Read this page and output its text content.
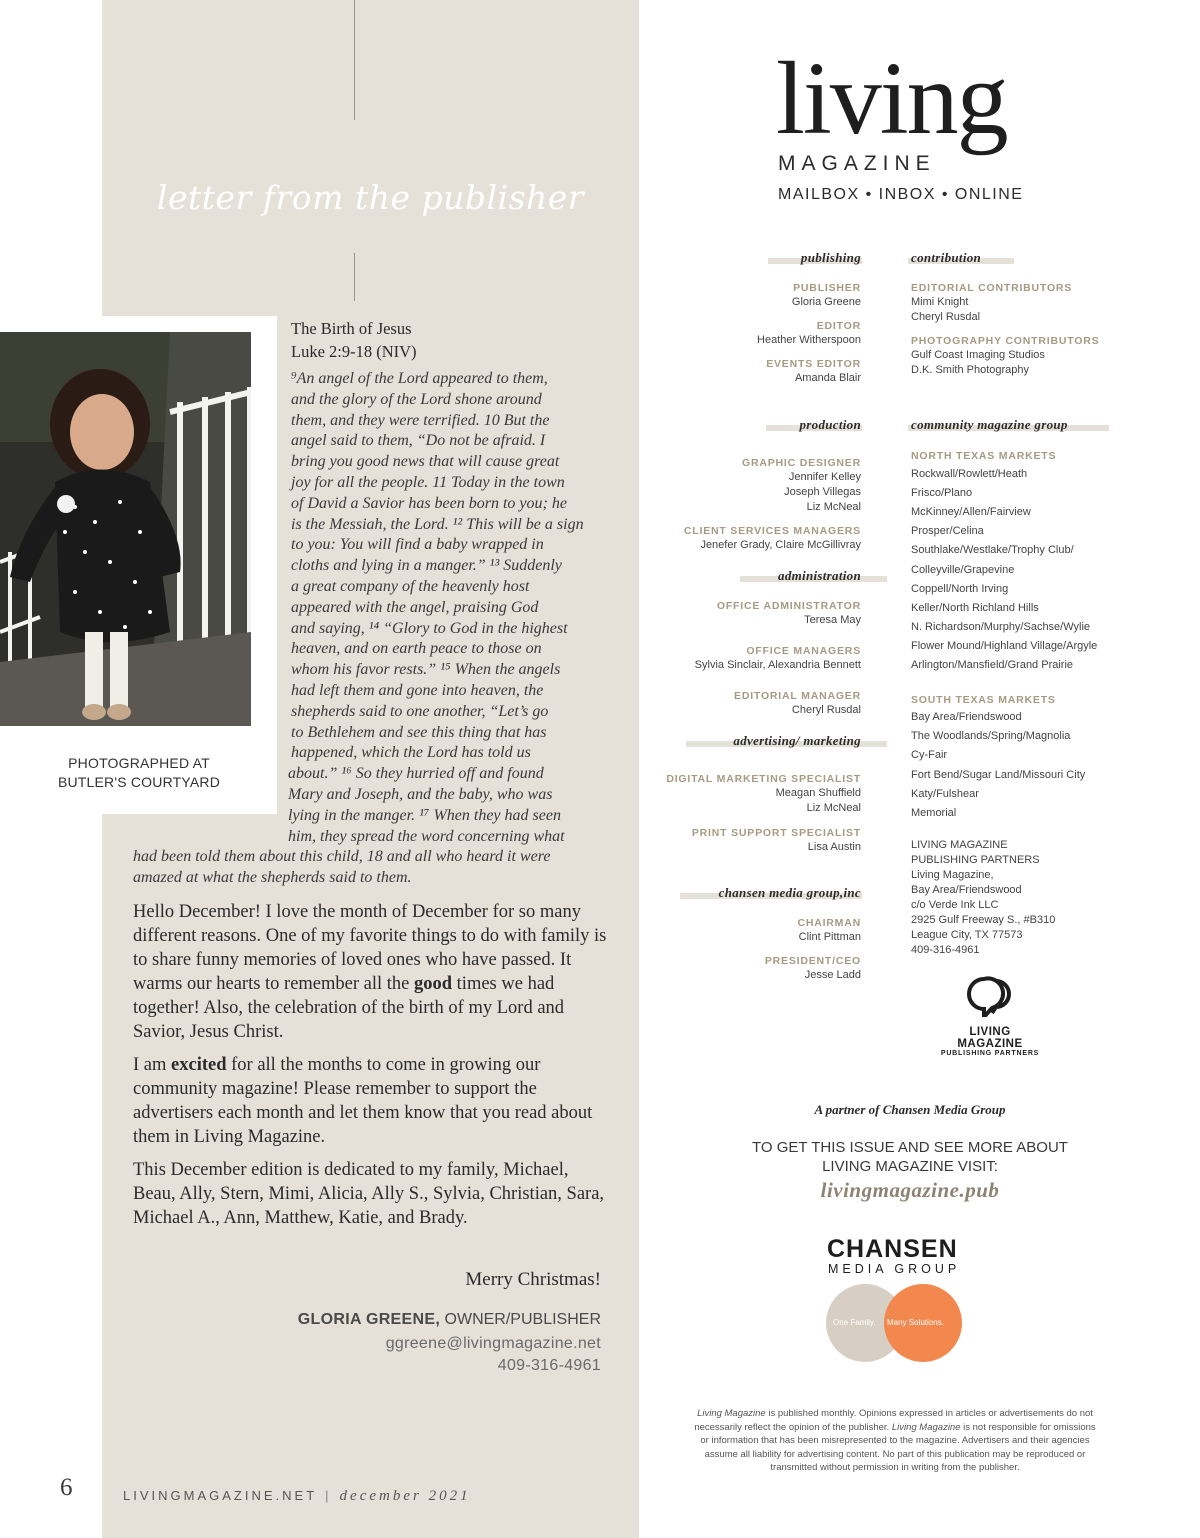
letter from the publisher
PHOTOGRAPHED AT
BUTLER'S COURTYARD
The Birth of Jesus
Luke 2:9-18 (NIV)
⁹An angel of the Lord appeared to them,
and the glory of the Lord shone around
them, and they were terrified. 10 But the
angel said to them, “Do not be afraid. I
bring you good news that will cause great
joy for all the people. 11 Today in the town
of David a Savior has been born to you; he
is the Messiah, the Lord. ¹² This will be a sign
to you: You will find a baby wrapped in
cloths and lying in a manger.” ¹³ Suddenly
a great company of the heavenly host
appeared with the angel, praising God
and saying, ¹⁴ “Glory to God in the highest
heaven, and on earth peace to those on
whom his favor rests.” ¹⁵ When the angels
had left them and gone into heaven, the
shepherds said to one another, “Let’s go
to Bethlehem and see this thing that has
happened, which the Lord has told us
about.” ¹⁶ So they hurried off and found
Mary and Joseph, and the baby, who was
lying in the manger. ¹⁷ When they had seen
him, they spread the word concerning what
had been told them about this child, 18 and all who heard it were
amazed at what the shepherds said to them.

Hello December! I love the month of December for so many different reasons. One of my favorite things to do with family is to share funny memories of loved ones who have passed. It warms our hearts to remember all the good times we had together! Also, the celebration of the birth of my Lord and Savior, Jesus Christ.

I am excited for all the months to come in growing our community magazine! Please remember to support the advertisers each month and let them know that you read about them in Living Magazine.

This December edition is dedicated to my family, Michael, Beau, Ally, Stern, Mimi, Alicia, Ally S., Sylvia, Christian, Sara, Michael A., Ann, Matthew, Katie, and Brady.

Merry Christmas!
GLORIA GREENE, OWNER/PUBLISHER
ggreene@livingmagazine.net
409-316-4961
6	LIVINGMAGAZINE.NET | december 2021
living
MAGAZINE
MAILBOX • INBOX • ONLINE
publishing
PUBLISHER
Gloria Greene
EDITOR
Heather Witherspoon
EVENTS EDITOR
Amanda Blair
contribution
EDITORIAL CONTRIBUTORS
Mimi Knight
Cheryl Rusdal
PHOTOGRAPHY CONTRIBUTORS
Gulf Coast Imaging Studios
D.K. Smith Photography
production
GRAPHIC DESIGNER
Jennifer Kelley
Joseph Villegas
Liz McNeal
CLIENT SERVICES MANAGERS
Jenefer Grady, Claire McGillivray
administration
OFFICE ADMINISTRATOR
Teresa May
OFFICE MANAGERS
Sylvia Sinclair, Alexandria Bennett
EDITORIAL MANAGER
Cheryl Rusdal
advertising/ marketing
DIGITAL MARKETING SPECIALIST
Meagan Shuffield
Liz McNeal
PRINT SUPPORT SPECIALIST
Lisa Austin
chansen media group,inc
CHAIRMAN
Clint Pittman
PRESIDENT/CEO
Jesse Ladd
community magazine group
NORTH TEXAS MARKETS
Rockwall/Rowlett/Heath
Frisco/Plano
McKinney/Allen/Fairview
Prosper/Celina
Southlake/Westlake/Trophy Club/
Colleyville/Grapevine
Coppell/North Irving
Keller/North Richland Hills
N. Richardson/Murphy/Sachse/Wylie
Flower Mound/Highland Village/Argyle
Arlington/Mansfield/Grand Prairie
SOUTH TEXAS MARKETS
Bay Area/Friendswood
The Woodlands/Spring/Magnolia
Cy-Fair
Fort Bend/Sugar Land/Missouri City
Katy/Fulshear
Memorial
LIVING MAGAZINE
PUBLISHING PARTNERS
Living Magazine,
Bay Area/Friendswood
c/o Verde Ink LLC
2925 Gulf Freeway S., #B310
League City, TX 77573
409-316-4961
LIVING MAGAZINE
PUBLISHING PARTNERS
A partner of Chansen Media Group
TO GET THIS ISSUE AND SEE MORE ABOUT
LIVING MAGAZINE VISIT:
livingmagazine.pub
CHANSEN
MEDIA GROUP
One Family. Many Solutions.
Living Magazine is published monthly. Opinions expressed in articles or advertisements do not necessarily reflect the opinion of the publisher. Living Magazine is not responsible for omissions or information that has been misrepresented to the magazine. Advertisers and their agencies assume all liability for advertising content. No part of this publication may be reproduced or transmitted without permission in writing from the publisher.
